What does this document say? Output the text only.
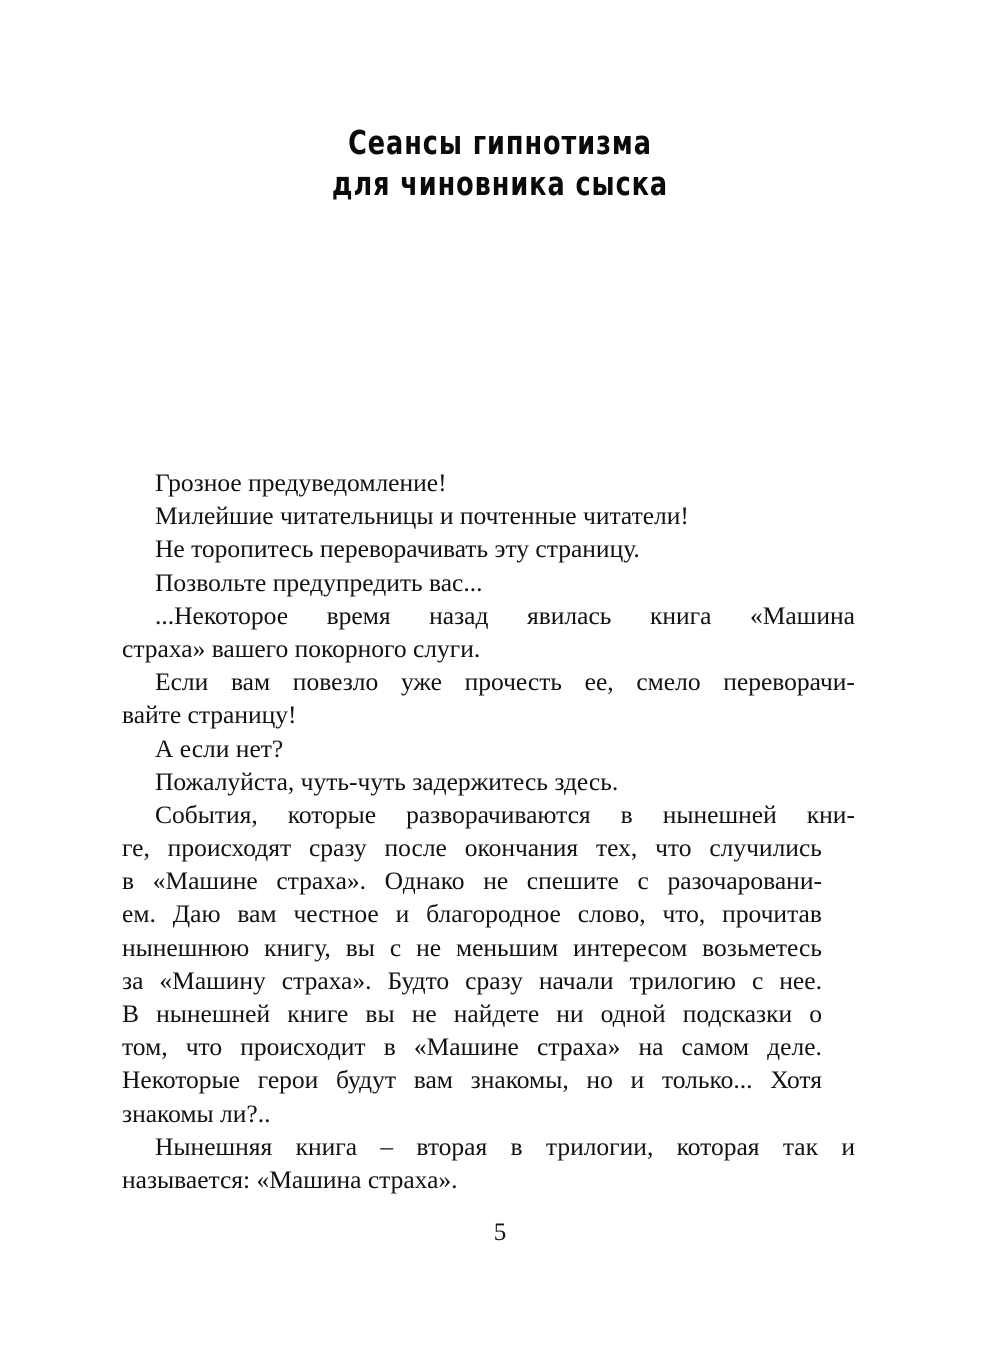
Сеансы гипнотизма
для чиновника сыска
Грозное предуведомление!
Милейшие читательницы и почтенные читатели!
Не торопитесь переворачивать эту страницу.
Позвольте предупредить вас...
...Некоторое время назад явилась книга «Машина
страха» вашего покорного слуги.
Если вам повезло уже прочесть ее, смело переворачи-
вайте страницу!
А если нет?
Пожалуйста, чуть-чуть задержитесь здесь.
События, которые разворачиваются в нынешней кни-
ге, происходят сразу после окончания тех, что случились
в «Машине страха». Однако не спешите с разочаровани-
ем. Даю вам честное и благородное слово, что, прочитав
нынешнюю книгу, вы с не меньшим интересом возьметесь
за «Машину страха». Будто сразу начали трилогию с нее.
В нынешней книге вы не найдете ни одной подсказки о
том, что происходит в «Машине страха» на самом деле.
Некоторые герои будут вам знакомы, но и только... Хотя
знакомы ли?..
Нынешняя книга – вторая в трилогии, которая так и
называется: «Машина страха».
5
